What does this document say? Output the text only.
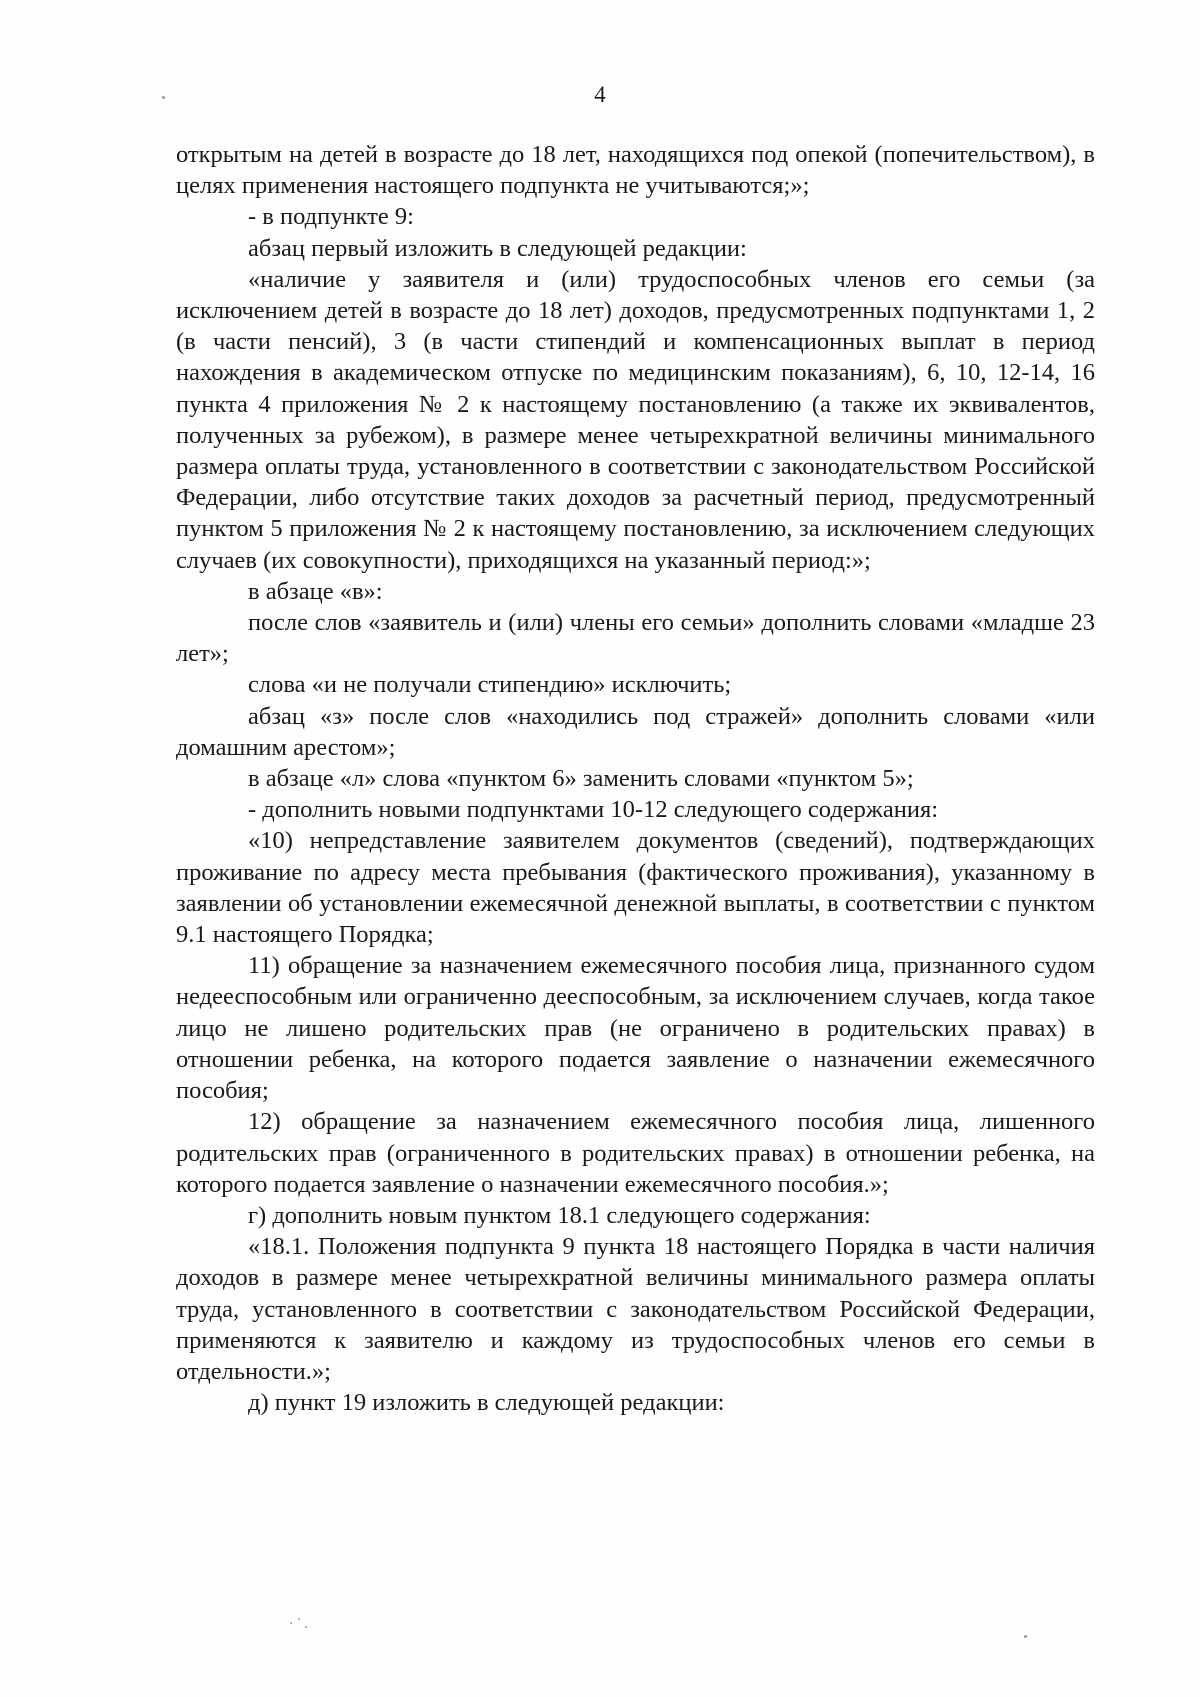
4

открытым на детей в возрасте до 18 лет, находящихся под опекой (попечительством), в целях применения настоящего подпункта не учитываются;»;

- в подпункте 9:

абзац первый изложить в следующей редакции:

«наличие у заявителя и (или) трудоспособных членов его семьи (за исключением детей в возрасте до 18 лет) доходов, предусмотренных подпунктами 1, 2 (в части пенсий), 3 (в части стипендий и компенсационных выплат в период нахождения в академическом отпуске по медицинским показаниям), 6, 10, 12-14, 16 пункта 4 приложения № 2 к настоящему постановлению (а также их эквивалентов, полученных за рубежом), в размере менее четырехкратной величины минимального размера оплаты труда, установленного в соответствии с законодательством Российской Федерации, либо отсутствие таких доходов за расчетный период, предусмотренный пунктом 5 приложения № 2 к настоящему постановлению, за исключением следующих случаев (их совокупности), приходящихся на указанный период:»;

в абзаце «в»:

после слов «заявитель и (или) члены его семьи» дополнить словами «младше 23 лет»;

слова «и не получали стипендию» исключить;

абзац «з» после слов «находились под стражей» дополнить словами «или домашним арестом»;

в абзаце «л» слова «пунктом 6» заменить словами «пунктом 5»;

- дополнить новыми подпунктами 10-12 следующего содержания:

«10) непредставление заявителем документов (сведений), подтверждающих проживание по адресу места пребывания (фактического проживания), указанному в заявлении об установлении ежемесячной денежной выплаты, в соответствии с пунктом 9.1 настоящего Порядка;

11) обращение за назначением ежемесячного пособия лица, признанного судом недееспособным или ограниченно дееспособным, за исключением случаев, когда такое лицо не лишено родительских прав (не ограничено в родительских правах) в отношении ребенка, на которого подается заявление о назначении ежемесячного пособия;

12) обращение за назначением ежемесячного пособия лица, лишенного родительских прав (ограниченного в родительских правах) в отношении ребенка, на которого подается заявление о назначении ежемесячного пособия.»;

г) дополнить новым пунктом 18.1 следующего содержания:

«18.1. Положения подпункта 9 пункта 18 настоящего Порядка в части наличия доходов в размере менее четырехкратной величины минимального размера оплаты труда, установленного в соответствии с законодательством Российской Федерации, применяются к заявителю и каждому из трудоспособных членов его семьи в отдельности.»;

д) пункт 19 изложить в следующей редакции:
